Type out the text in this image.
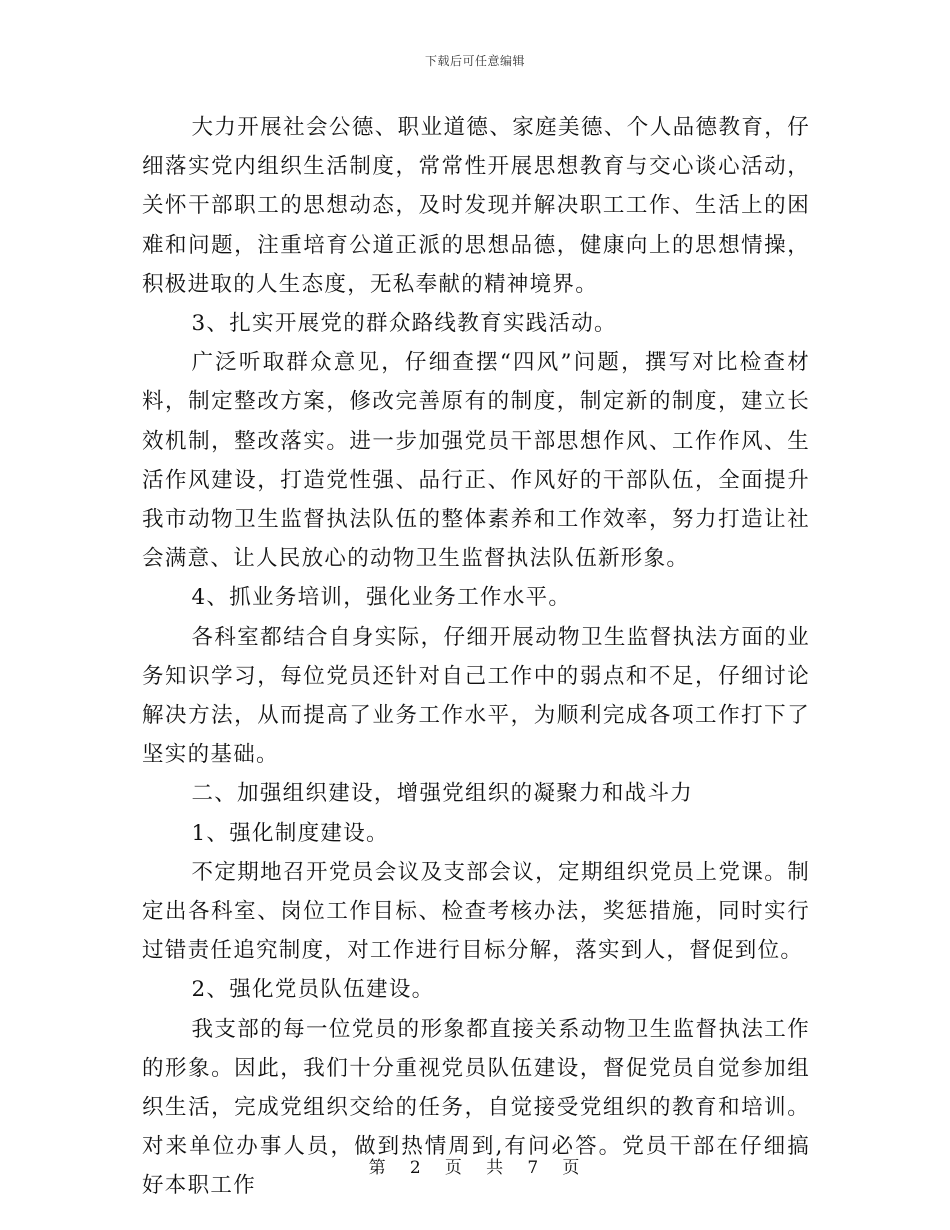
下载后可任意编辑

大力开展社会公德、职业道德、家庭美德、个人品德教育，仔细落实党内组织生活制度，常常性开展思想教育与交心谈心活动，关怀干部职工的思想动态，及时发现并解决职工工作、生活上的困难和问题，注重培育公道正派的思想品德，健康向上的思想情操，积极进取的人生态度，无私奉献的精神境界。

3、扎实开展党的群众路线教育实践活动。

广泛听取群众意见，仔细查摆“四风”问题，撰写对比检查材料，制定整改方案，修改完善原有的制度，制定新的制度，建立长效机制，整改落实。进一步加强党员干部思想作风、工作作风、生活作风建设，打造党性强、品行正、作风好的干部队伍，全面提升我市动物卫生监督执法队伍的整体素养和工作效率，努力打造让社会满意、让人民放心的动物卫生监督执法队伍新形象。

4、抓业务培训，强化业务工作水平。

各科室都结合自身实际，仔细开展动物卫生监督执法方面的业务知识学习，每位党员还针对自己工作中的弱点和不足，仔细讨论解决方法，从而提高了业务工作水平，为顺利完成各项工作打下了坚实的基础。

二、加强组织建设，增强党组织的凝聚力和战斗力

1、强化制度建设。

不定期地召开党员会议及支部会议，定期组织党员上党课。制定出各科室、岗位工作目标、检查考核办法，奖惩措施，同时实行过错责任追究制度，对工作进行目标分解，落实到人，督促到位。

2、强化党员队伍建设。

我支部的每一位党员的形象都直接关系动物卫生监督执法工作的形象。因此，我们十分重视党员队伍建设，督促党员自觉参加组织生活，完成党组织交给的任务，自觉接受党组织的教育和培训。对来单位办事人员，做到热情周到,有问必答。党员干部在仔细搞好本职工作

第 2 页 共 7 页
